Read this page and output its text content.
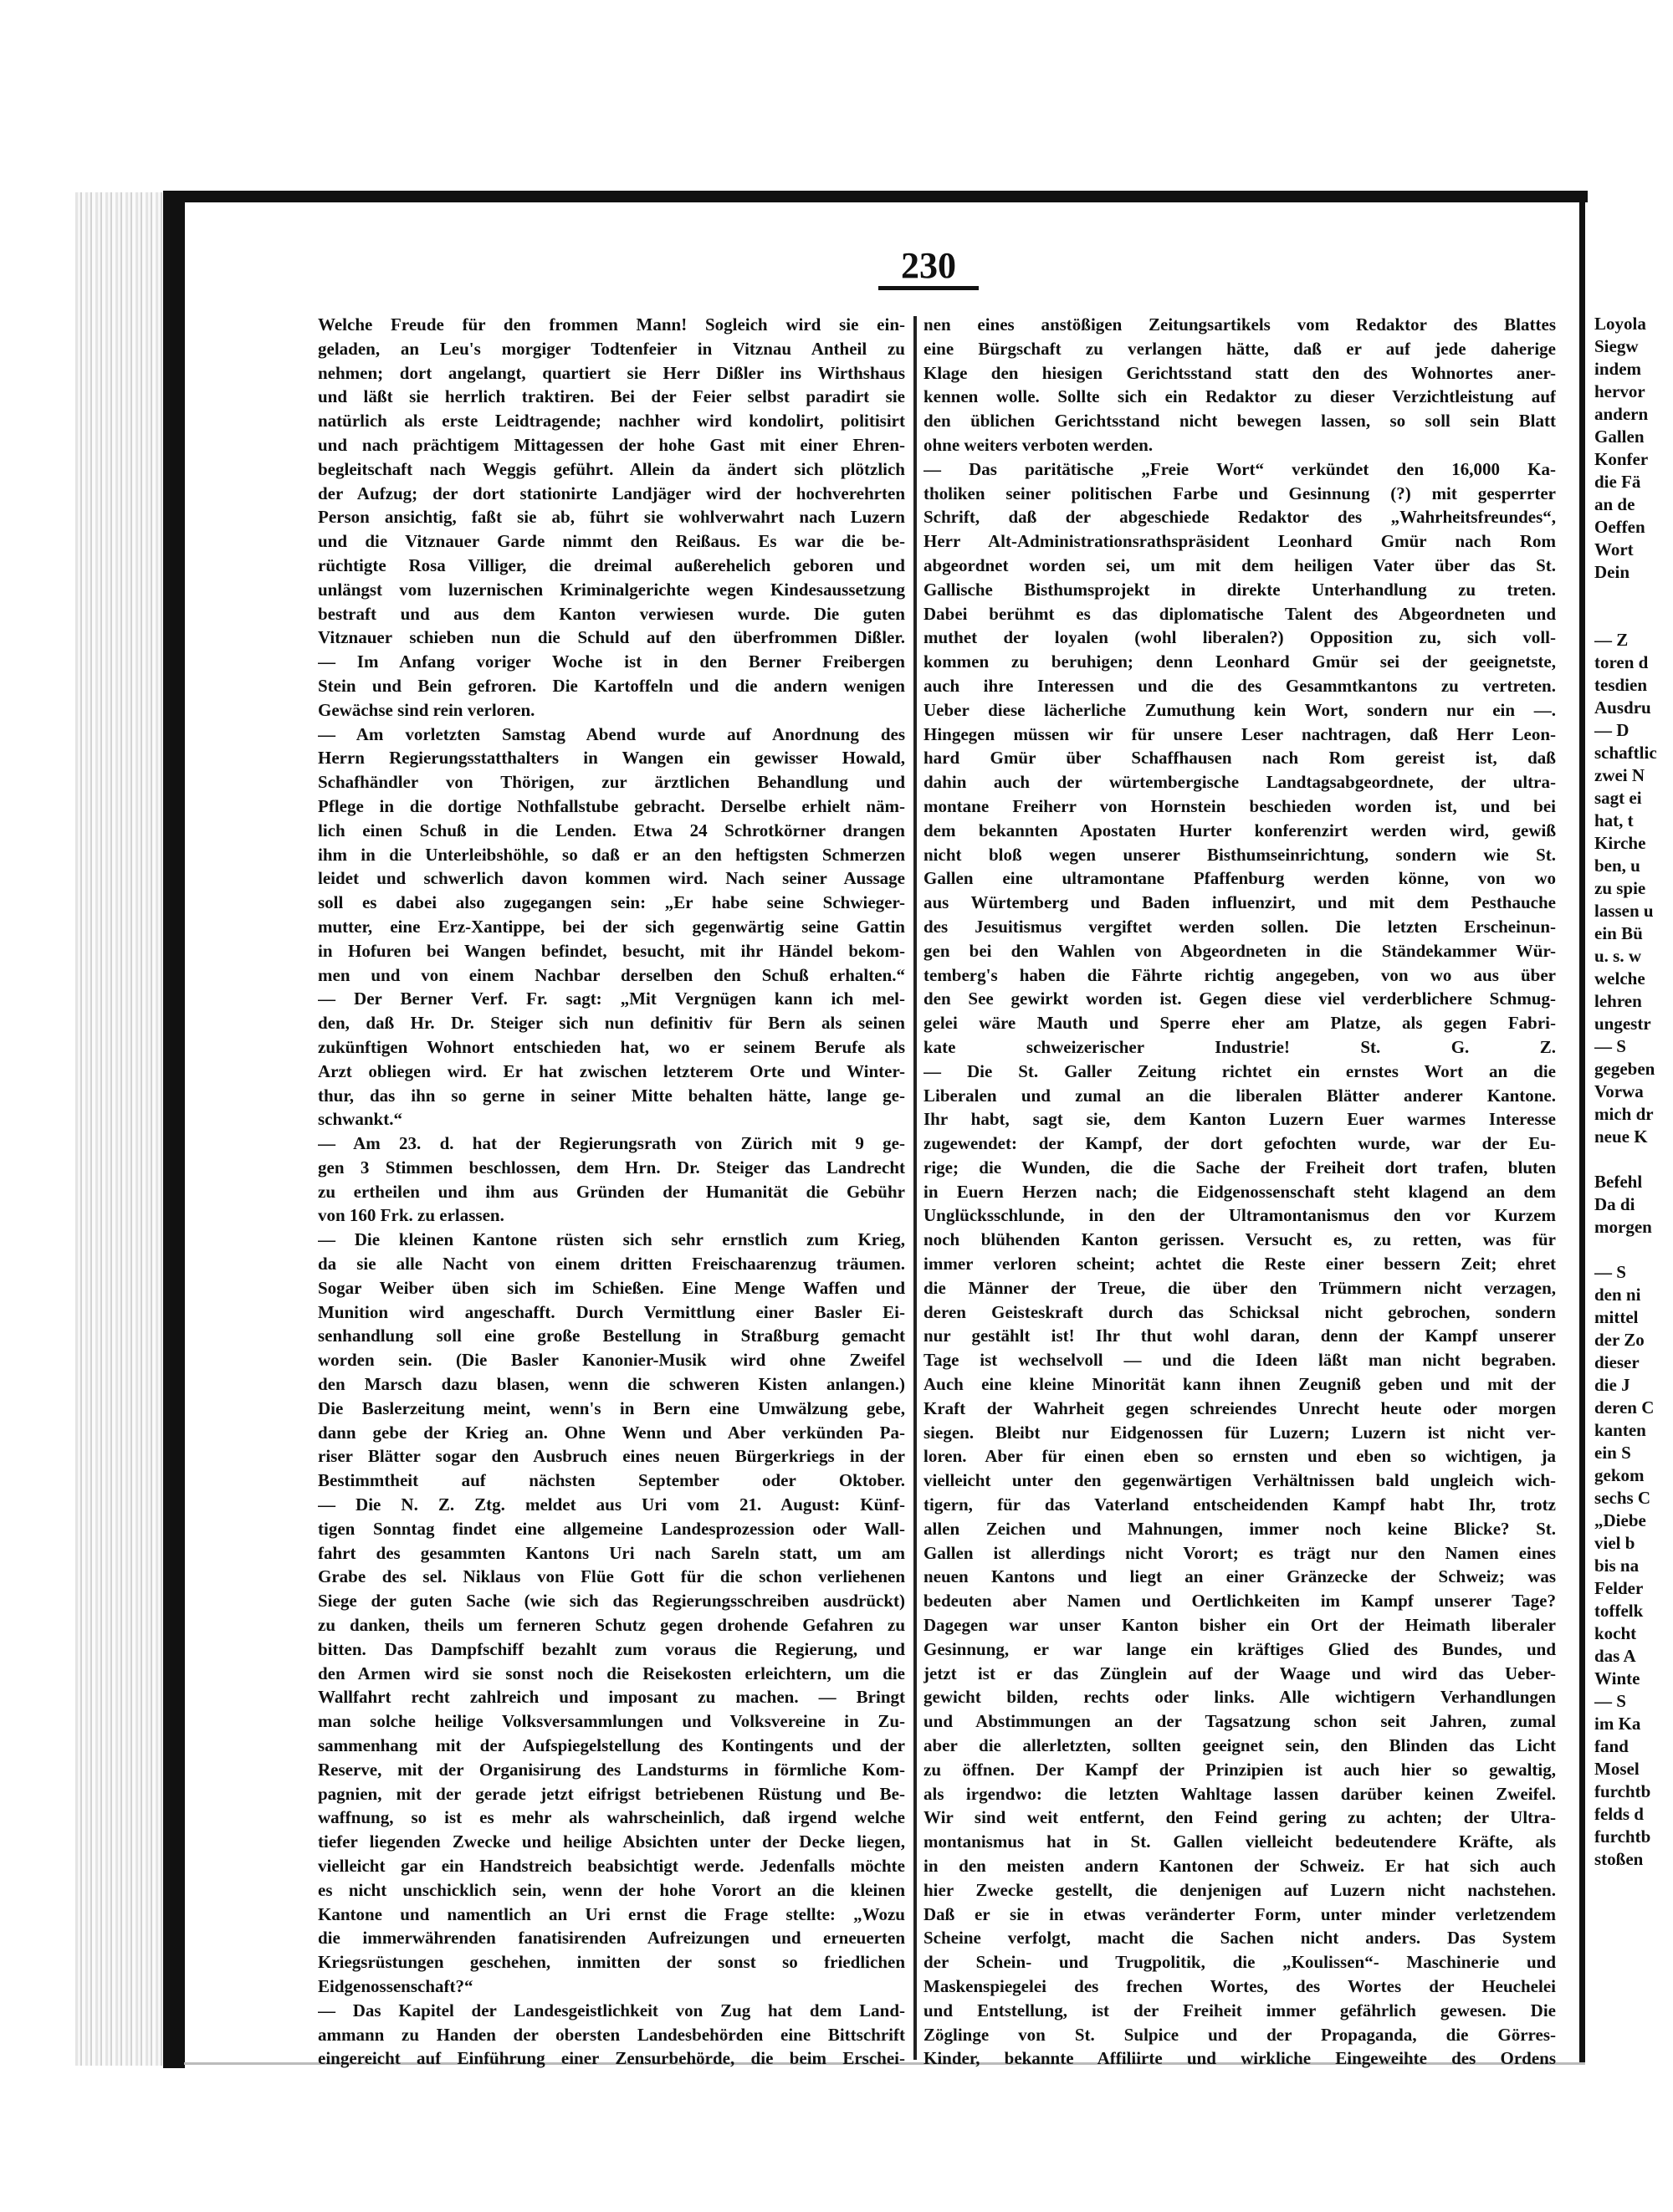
230
Welche Freude für den frommen Mann! Sogleich wird sie ein-
geladen, an Leu's morgiger Todtenfeier in Vitznau Antheil zu
nehmen; dort angelangt, quartiert sie Herr Dißler ins Wirthshaus
und läßt sie herrlich traktiren. Bei der Feier selbst paradirt sie
natürlich als erste Leidtragende; nachher wird kondolirt, politisirt
und nach prächtigem Mittagessen der hohe Gast mit einer Ehren-
begleitschaft nach Weggis geführt. Allein da ändert sich plötzlich
der Aufzug; der dort stationirte Landjäger wird der hochverehrten
Person ansichtig, faßt sie ab, führt sie wohlverwahrt nach Luzern
und die Vitznauer Garde nimmt den Reißaus. Es war die be-
rüchtigte Rosa Villiger, die dreimal außerehelich geboren und
unlängst vom luzernischen Kriminalgerichte wegen Kindesaussetzung
bestraft und aus dem Kanton verwiesen wurde. Die guten
Vitznauer schieben nun die Schuld auf den überfrommen Dißler.
— Im Anfang voriger Woche ist in den Berner Freibergen
Stein und Bein gefroren. Die Kartoffeln und die andern wenigen
Gewächse sind rein verloren.
— Am vorletzten Samstag Abend wurde auf Anordnung des
Herrn Regierungsstatthalters in Wangen ein gewisser Howald,
Schafhändler von Thörigen, zur ärztlichen Behandlung und
Pflege in die dortige Nothfallstube gebracht. Derselbe erhielt näm-
lich einen Schuß in die Lenden. Etwa 24 Schrotkörner drangen
ihm in die Unterleibshöhle, so daß er an den heftigsten Schmerzen
leidet und schwerlich davon kommen wird. Nach seiner Aussage
soll es dabei also zugegangen sein: „Er habe seine Schwieger-
mutter, eine Erz-Xantippe, bei der sich gegenwärtig seine Gattin
in Hofuren bei Wangen befindet, besucht, mit ihr Händel bekom-
men und von einem Nachbar derselben den Schuß erhalten.“
— Der Berner Verf. Fr. sagt: „Mit Vergnügen kann ich mel-
den, daß Hr. Dr. Steiger sich nun definitiv für Bern als seinen
zukünftigen Wohnort entschieden hat, wo er seinem Berufe als
Arzt obliegen wird. Er hat zwischen letzterem Orte und Winter-
thur, das ihn so gerne in seiner Mitte behalten hätte, lange ge-
schwankt.“
— Am 23. d. hat der Regierungsrath von Zürich mit 9 ge-
gen 3 Stimmen beschlossen, dem Hrn. Dr. Steiger das Landrecht
zu ertheilen und ihm aus Gründen der Humanität die Gebühr
von 160 Frk. zu erlassen.
— Die kleinen Kantone rüsten sich sehr ernstlich zum Krieg,
da sie alle Nacht von einem dritten Freischaarenzug träumen.
Sogar Weiber üben sich im Schießen. Eine Menge Waffen und
Munition wird angeschafft. Durch Vermittlung einer Basler Ei-
senhandlung soll eine große Bestellung in Straßburg gemacht
worden sein. (Die Basler Kanonier-Musik wird ohne Zweifel
den Marsch dazu blasen, wenn die schweren Kisten anlangen.)
Die Baslerzeitung meint, wenn's in Bern eine Umwälzung gebe,
dann gebe der Krieg an. Ohne Wenn und Aber verkünden Pa-
riser Blätter sogar den Ausbruch eines neuen Bürgerkriegs in der
Bestimmtheit auf nächsten September oder Oktober.
— Die N. Z. Ztg. meldet aus Uri vom 21. August: Künf-
tigen Sonntag findet eine allgemeine Landesprozession oder Wall-
fahrt des gesammten Kantons Uri nach Sareln statt, um am
Grabe des sel. Niklaus von Flüe Gott für die schon verliehenen
Siege der guten Sache (wie sich das Regierungsschreiben ausdrückt)
zu danken, theils um ferneren Schutz gegen drohende Gefahren zu
bitten. Das Dampfschiff bezahlt zum voraus die Regierung, und
den Armen wird sie sonst noch die Reisekosten erleichtern, um die
Wallfahrt recht zahlreich und imposant zu machen. — Bringt
man solche heilige Volksversammlungen und Volksvereine in Zu-
sammenhang mit der Aufspiegelstellung des Kontingents und der
Reserve, mit der Organisirung des Landsturms in förmliche Kom-
pagnien, mit der gerade jetzt eifrigst betriebenen Rüstung und Be-
waffnung, so ist es mehr als wahrscheinlich, daß irgend welche
tiefer liegenden Zwecke und heilige Absichten unter der Decke liegen,
vielleicht gar ein Handstreich beabsichtigt werde. Jedenfalls möchte
es nicht unschicklich sein, wenn der hohe Vorort an die kleinen
Kantone und namentlich an Uri ernst die Frage stellte: „Wozu
die immerwährenden fanatisirenden Aufreizungen und erneuerten
Kriegsrüstungen geschehen, inmitten der sonst so friedlichen
Eidgenossenschaft?“
— Das Kapitel der Landesgeistlichkeit von Zug hat dem Land-
ammann zu Handen der obersten Landesbehörden eine Bittschrift
eingereicht auf Einführung einer Zensurbehörde, die beim Erschei-
nen eines anstößigen Zeitungsartikels vom Redaktor des Blattes
eine Bürgschaft zu verlangen hätte, daß er auf jede daherige
Klage den hiesigen Gerichtsstand statt den des Wohnortes aner-
kennen wolle. Sollte sich ein Redaktor zu dieser Verzichtleistung auf
den üblichen Gerichtsstand nicht bewegen lassen, so soll sein Blatt
ohne weiters verboten werden.
— Das paritätische „Freie Wort“ verkündet den 16,000 Ka-
tholiken seiner politischen Farbe und Gesinnung (?) mit gesperrter
Schrift, daß der abgeschiede Redaktor des „Wahrheitsfreundes“,
Herr Alt-Administrationsrathspräsident Leonhard Gmür nach Rom
abgeordnet worden sei, um mit dem heiligen Vater über das St.
Gallische Bisthumsprojekt in direkte Unterhandlung zu treten.
Dabei berühmt es das diplomatische Talent des Abgeordneten und
muthet der loyalen (wohl liberalen?) Opposition zu, sich voll-
kommen zu beruhigen; denn Leonhard Gmür sei der geeignetste,
auch ihre Interessen und die des Gesammtkantons zu vertreten.
Ueber diese lächerliche Zumuthung kein Wort, sondern nur ein —.
Hingegen müssen wir für unsere Leser nachtragen, daß Herr Leon-
hard Gmür über Schaffhausen nach Rom gereist ist, daß
dahin auch der würtembergische Landtagsabgeordnete, der ultra-
montane Freiherr von Hornstein beschieden worden ist, und bei
dem bekannten Apostaten Hurter konferenzirt werden wird, gewiß
nicht bloß wegen unserer Bisthumseinrichtung, sondern wie St.
Gallen eine ultramontane Pfaffenburg werden könne, von wo
aus Würtemberg und Baden influenzirt, und mit dem Pesthauche
des Jesuitismus vergiftet werden sollen. Die letzten Erscheinun-
gen bei den Wahlen von Abgeordneten in die Ständekammer Wür-
temberg's haben die Fährte richtig angegeben, von wo aus über
den See gewirkt worden ist. Gegen diese viel verderblichere Schmug-
gelei wäre Mauth und Sperre eher am Platze, als gegen Fabri-
kate schweizerischer Industrie! St. G. Z.
— Die St. Galler Zeitung richtet ein ernstes Wort an die
Liberalen und zumal an die liberalen Blätter anderer Kantone.
Ihr habt, sagt sie, dem Kanton Luzern Euer warmes Interesse
zugewendet: der Kampf, der dort gefochten wurde, war der Eu-
rige; die Wunden, die die Sache der Freiheit dort trafen, bluten
in Euern Herzen nach; die Eidgenossenschaft steht klagend an dem
Unglücksschlunde, in den der Ultramontanismus den vor Kurzem
noch blühenden Kanton gerissen. Versucht es, zu retten, was für
immer verloren scheint; achtet die Reste einer bessern Zeit; ehret
die Männer der Treue, die über den Trümmern nicht verzagen,
deren Geisteskraft durch das Schicksal nicht gebrochen, sondern
nur gestählt ist! Ihr thut wohl daran, denn der Kampf unserer
Tage ist wechselvoll — und die Ideen läßt man nicht begraben.
Auch eine kleine Minorität kann ihnen Zeugniß geben und mit der
Kraft der Wahrheit gegen schreiendes Unrecht heute oder morgen
siegen. Bleibt nur Eidgenossen für Luzern; Luzern ist nicht ver-
loren. Aber für einen eben so ernsten und eben so wichtigen, ja
vielleicht unter den gegenwärtigen Verhältnissen bald ungleich wich-
tigern, für das Vaterland entscheidenden Kampf habt Ihr, trotz
allen Zeichen und Mahnungen, immer noch keine Blicke? St.
Gallen ist allerdings nicht Vorort; es trägt nur den Namen eines
neuen Kantons und liegt an einer Gränzecke der Schweiz; was
bedeuten aber Namen und Oertlichkeiten im Kampf unserer Tage?
Dagegen war unser Kanton bisher ein Ort der Heimath liberaler
Gesinnung, er war lange ein kräftiges Glied des Bundes, und
jetzt ist er das Zünglein auf der Waage und wird das Ueber-
gewicht bilden, rechts oder links. Alle wichtigern Verhandlungen
und Abstimmungen an der Tagsatzung schon seit Jahren, zumal
aber die allerletzten, sollten geeignet sein, den Blinden das Licht
zu öffnen. Der Kampf der Prinzipien ist auch hier so gewaltig,
als irgendwo: die letzten Wahltage lassen darüber keinen Zweifel.
Wir sind weit entfernt, den Feind gering zu achten; der Ultra-
montanismus hat in St. Gallen vielleicht bedeutendere Kräfte, als
in den meisten andern Kantonen der Schweiz. Er hat sich auch
hier Zwecke gestellt, die denjenigen auf Luzern nicht nachstehen.
Daß er sie in etwas veränderter Form, unter minder verletzendem
Scheine verfolgt, macht die Sachen nicht anders. Das System
der Schein- und Trugpolitik, die „Koulissen“- Maschinerie und
Maskenspiegelei des frechen Wortes, des Wortes der Heuchelei
und Entstellung, ist der Freiheit immer gefährlich gewesen. Die
Zöglinge von St. Sulpice und der Propaganda, die Görres-
Kinder, bekannte Affiliirte und wirkliche Eingeweihte des Ordens
Loyola
Siegw
indem
hervor
andern
Gallen
Konfer
die Fä
an de
Oeffen
Wort
Dein

— Z
toren d
tesdien
Ausdru
— D
schaftlic
zwei N
sagt ei
hat, t
Kirche
ben, u
zu spie
lassen u
ein Bü
u. s. w
welche
lehren
ungestr
— S
gegeben
Vorwa
mich dr
neue K

Befehl
Da di
morgen

— S
den ni
mittel
der Zo
dieser
die J
deren C
kanten
ein S
gekom
sechs C
„Diebe
viel b
bis na
Felder
toffelk
kocht
das A
Winte
— S
im Ka
fand
Mosel
furchtb
felds d
furchtb
stoßen
